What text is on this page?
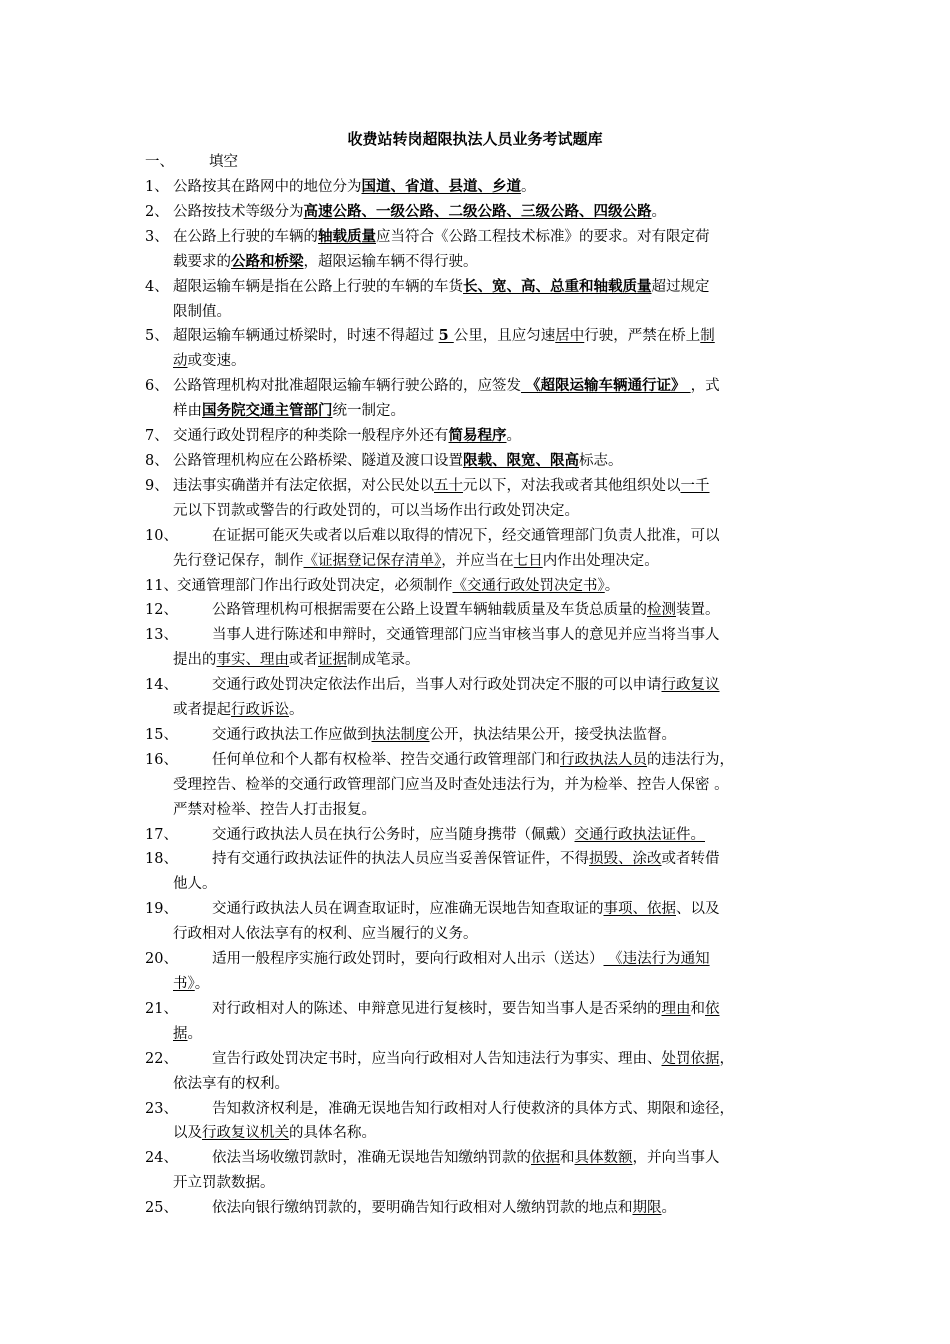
收费站转岗超限执法人员业务考试题库
一、 填空
1、 公路按其在路网中的地位分为国道、省道、县道、乡道。
2、 公路按技术等级分为高速公路、一级公路、二级公路、三级公路、四级公路。
3、 在公路上行驶的车辆的轴载质量应当符合《公路工程技术标准》的要求。对有限定荷
载要求的公路和桥梁，超限运输车辆不得行驶。
4、 超限运输车辆是指在公路上行驶的车辆的车货长、宽、高、总重和轴载质量超过规定
限制值。
5、 超限运输车辆通过桥梁时，时速不得超过 5 公里，且应匀速居中行驶，严禁在桥上制
动或变速。
6、 公路管理机构对批准超限运输车辆行驶公路的，应签发 《超限运输车辆通行证》 ，式
样由国务院交通主管部门统一制定。
7、 交通行政处罚程序的种类除一般程序外还有简易程序。
8、 公路管理机构应在公路桥梁、隧道及渡口设置限载、限宽、限高标志。
9、 违法事实确凿并有法定依据，对公民处以五十元以下，对法我或者其他组织处以一千
元以下罚款或警告的行政处罚的，可以当场作出行政处罚决定。
10、 在证据可能灭失或者以后难以取得的情况下，经交通管理部门负责人批准，可以
先行登记保存，制作《证据登记保存清单》，并应当在七日内作出处理决定。
11、交通管理部门作出行政处罚决定，必须制作《交通行政处罚决定书》。
12、 公路管理机构可根据需要在公路上设置车辆轴载质量及车货总质量的检测装置。
13、 当事人进行陈述和申辩时，交通管理部门应当审核当事人的意见并应当将当事人
提出的事实、理由或者证据制成笔录。
14、 交通行政处罚决定依法作出后，当事人对行政处罚决定不服的可以申请行政复议
或者提起行政诉讼。
15、 交通行政执法工作应做到执法制度公开，执法结果公开，接受执法监督。
16、 任何单位和个人都有权检举、控告交通行政管理部门和行政执法人员的违法行为，
受理控告、检举的交通行政管理部门应当及时查处违法行为，并为检举、控告人保密 。
严禁对检举、控告人打击报复。
17、 交通行政执法人员在执行公务时，应当随身携带（佩戴）交通行政执法证件。
18、 持有交通行政执法证件的执法人员应当妥善保管证件，不得损毁、涂改或者转借
他人。
19、 交通行政执法人员在调查取证时，应准确无误地告知查取证的事项、依据、以及
行政相对人依法享有的权利、应当履行的义务。
20、 适用一般程序实施行政处罚时，要向行政相对人出示（送达） 《违法行为通知
书》。
21、 对行政相对人的陈述、申辩意见进行复核时，要告知当事人是否采纳的理由和依
据。
22、 宣告行政处罚决定书时，应当向行政相对人告知违法行为事实、理由、处罚依据，
依法享有的权利。
23、 告知救济权利是，准确无误地告知行政相对人行使救济的具体方式、期限和途径，
以及行政复议机关的具体名称。
24、 依法当场收缴罚款时，准确无误地告知缴纳罚款的依据和具体数额，并向当事人
开立罚款数据。
25、 依法向银行缴纳罚款的，要明确告知行政相对人缴纳罚款的地点和期限。
